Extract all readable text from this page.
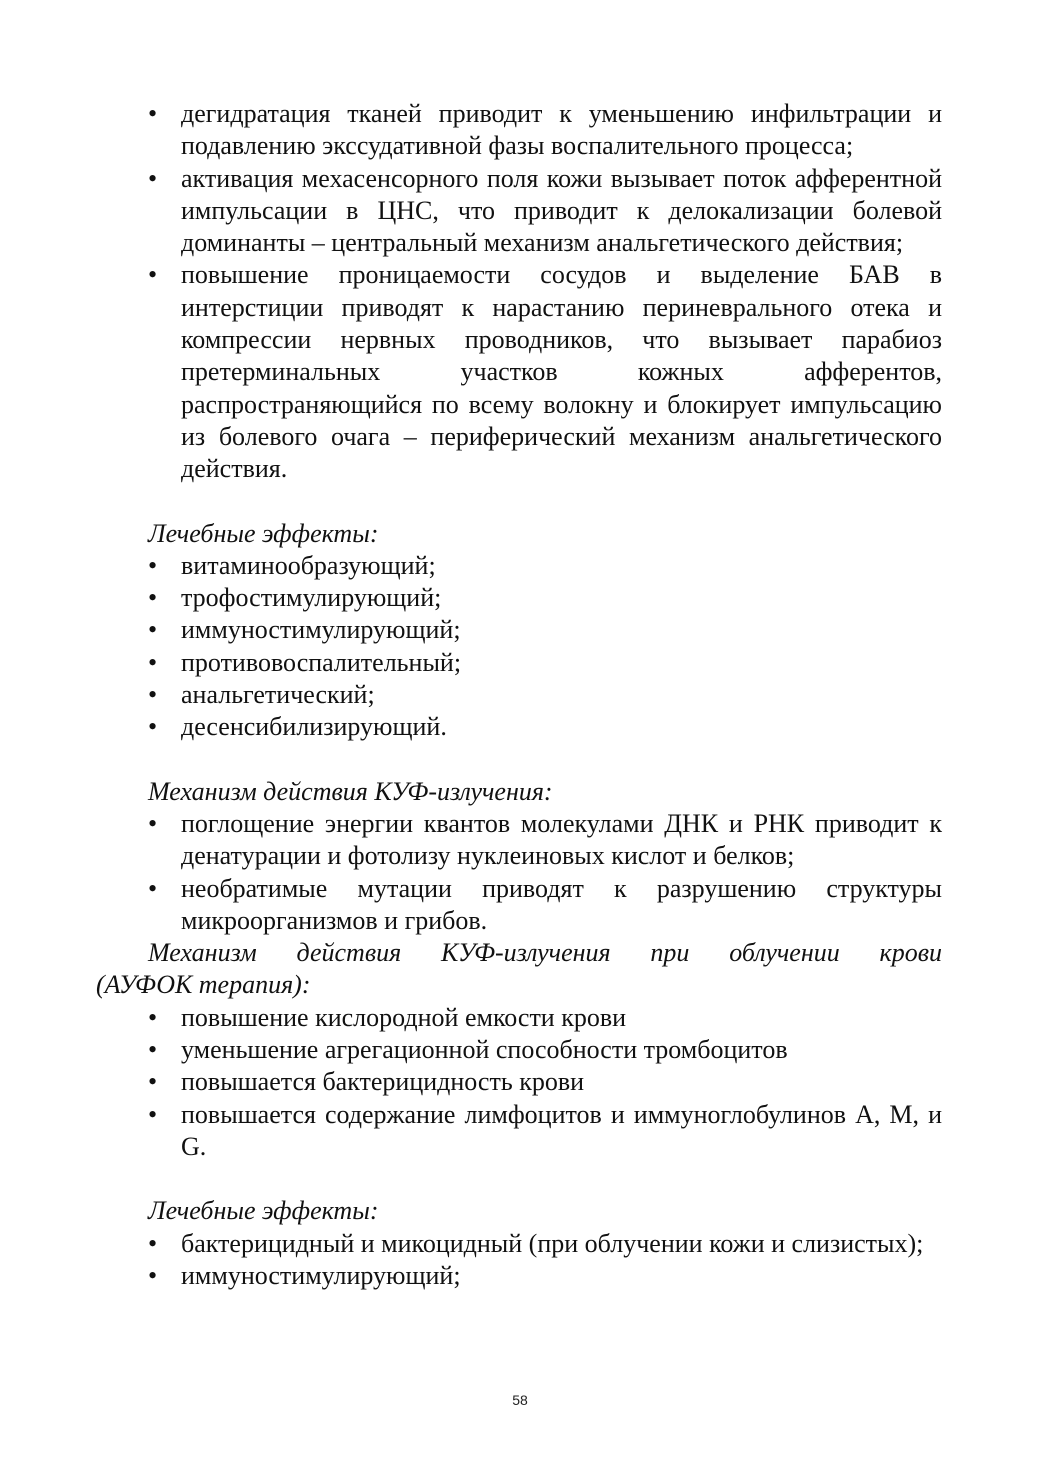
• дегидратация тканей приводит к уменьшению инфильтрации и подавлению экссудативной фазы воспалительного процесса;
• активация мехасенсорного поля кожи вызывает поток афферентной импульсации в ЦНС, что приводит к делокализации болевой доминанты – центральный механизм анальгетического действия;
• повышение проницаемости сосудов и выделение БАВ в интерстиции приводят к нарастанию периневрального отека и компрессии нервных проводников, что вызывает парабиоз претерминальных участков кожных афферентов, распространяющийся по всему волокну и блокирует импульсацию из болевого очага – периферический механизм анальгетического действия.

Лечебные эффекты:

• витаминообразующий;
• трофостимулирующий;
• иммуностимулирующий;
• противовоспалительный;
• анальгетический;
• десенсибилизирующий.

Механизм действия КУФ-излучения:

• поглощение энергии квантов молекулами ДНК и РНК приводит к денатурации и фотолизу нуклеиновых кислот и белков;
• необратимые мутации приводят к разрушению структуры микроорганизмов и грибов.

Механизм действия КУФ-излучения при облучении крови
(АУФОК терапия):

• повышение кислородной емкости крови
• уменьшение агрегационной способности тромбоцитов
• повышается бактерицидность крови
• повышается содержание лимфоцитов и иммуноглобулинов А, М, и G.

Лечебные эффекты:

• бактерицидный и микоцидный (при облучении кожи и слизистых);
• иммуностимулирующий;
58
